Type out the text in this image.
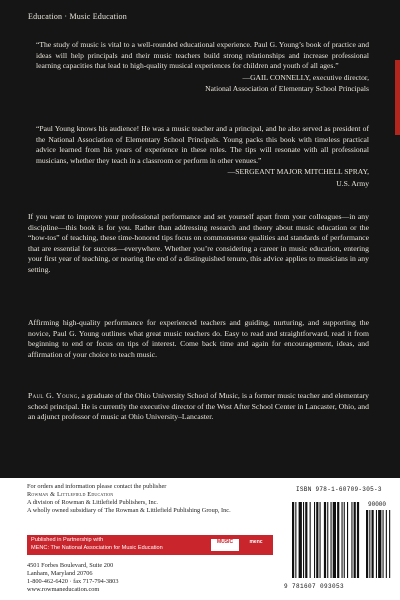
Education · Music Education
“The study of music is vital to a well-rounded educational experience. Paul G. Young’s book of practice and ideas will help principals and their music teachers build strong relationships and increase professional learning capacities that lead to high-quality musical experiences for children and youth of all ages.”
—GAIL CONNELLY, executive director,
National Association of Elementary School Principals
“Paul Young knows his audience! He was a music teacher and a principal, and he also served as president of the National Association of Elementary School Principals. Young packs this book with timeless practical advice learned from his years of experience in these roles. The tips will resonate with all professional musicians, whether they teach in a classroom or perform in other venues.”
—SERGEANT MAJOR MITCHELL SPRAY,
U.S. Army
If you want to improve your professional performance and set yourself apart from your colleagues—in any discipline—this book is for you. Rather than addressing research and theory about music education or the “how-tos” of teaching, these time-honored tips focus on commonsense qualities and standards of performance that are essential for success—everywhere. Whether you’re considering a career in music education, entering your first year of teaching, or nearing the end of a distinguished tenure, this advice applies to musicians in any setting.
Affirming high-quality performance for experienced teachers and guiding, nurturing, and supporting the novice, Paul G. Young outlines what great music teachers do. Easy to read and straightforward, read it from beginning to end or focus on tips of interest. Come back time and again for encouragement, ideas, and affirmation of your choice to teach music.
Paul G. Young, a graduate of the Ohio University School of Music, is a former music teacher and elementary school principal. He is currently the executive director of the West After School Center in Lancaster, Ohio, and an adjunct professor of music at Ohio University–Lancaster.
For orders and information please contact the publisher
Rowman & Littlefield Education
A division of Rowman & Littlefield Publishers, Inc.
A wholly owned subsidiary of The Rowman & Littlefield Publishing Group, Inc.
Published in Partnership with
MENC: The National Association for Music Education
MUSIC	menc
4501 Forbes Boulevard, Suite 200
Lanham, Maryland 20706
1-800-462-6420 · fax 717-794-3803
www.rowmaneducation.com
ISBN 978-1-60709-305-3
90000
9 781607 093053
